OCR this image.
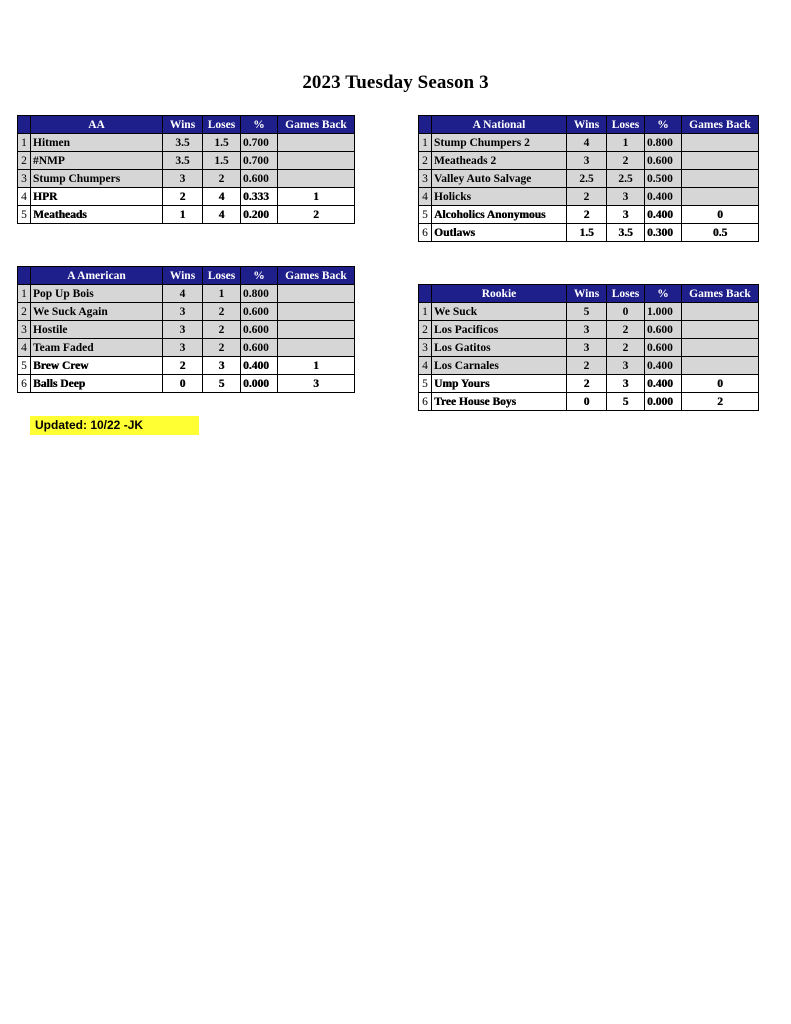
2023 Tuesday Season 3
	AA	Wins	Loses	%	Games Back
1	Hitmen	3.5	1.5	0.700	
2	#NMP	3.5	1.5	0.700	
3	Stump Chumpers	3	2	0.600	
4	HPR	2	4	0.333	1
5	Meatheads	1	4	0.200	2
	A American	Wins	Loses	%	Games Back
1	Pop Up Bois	4	1	0.800	
2	We Suck Again	3	2	0.600	
3	Hostile	3	2	0.600	
4	Team Faded	3	2	0.600	
5	Brew Crew	2	3	0.400	1
6	Balls Deep	0	5	0.000	3
	A National	Wins	Loses	%	Games Back
1	Stump Chumpers 2	4	1	0.800	
2	Meatheads 2	3	2	0.600	
3	Valley Auto Salvage	2.5	2.5	0.500	
4	Holicks	2	3	0.400	
5	Alcoholics Anonymous	2	3	0.400	0
6	Outlaws	1.5	3.5	0.300	0.5
	Rookie	Wins	Loses	%	Games Back
1	We Suck	5	0	1.000	
2	Los Pacificos	3	2	0.600	
3	Los Gatitos	3	2	0.600	
4	Los Carnales	2	3	0.400	
5	Ump Yours	2	3	0.400	0
6	Tree House Boys	0	5	0.000	2
Updated: 10/22 -JK
